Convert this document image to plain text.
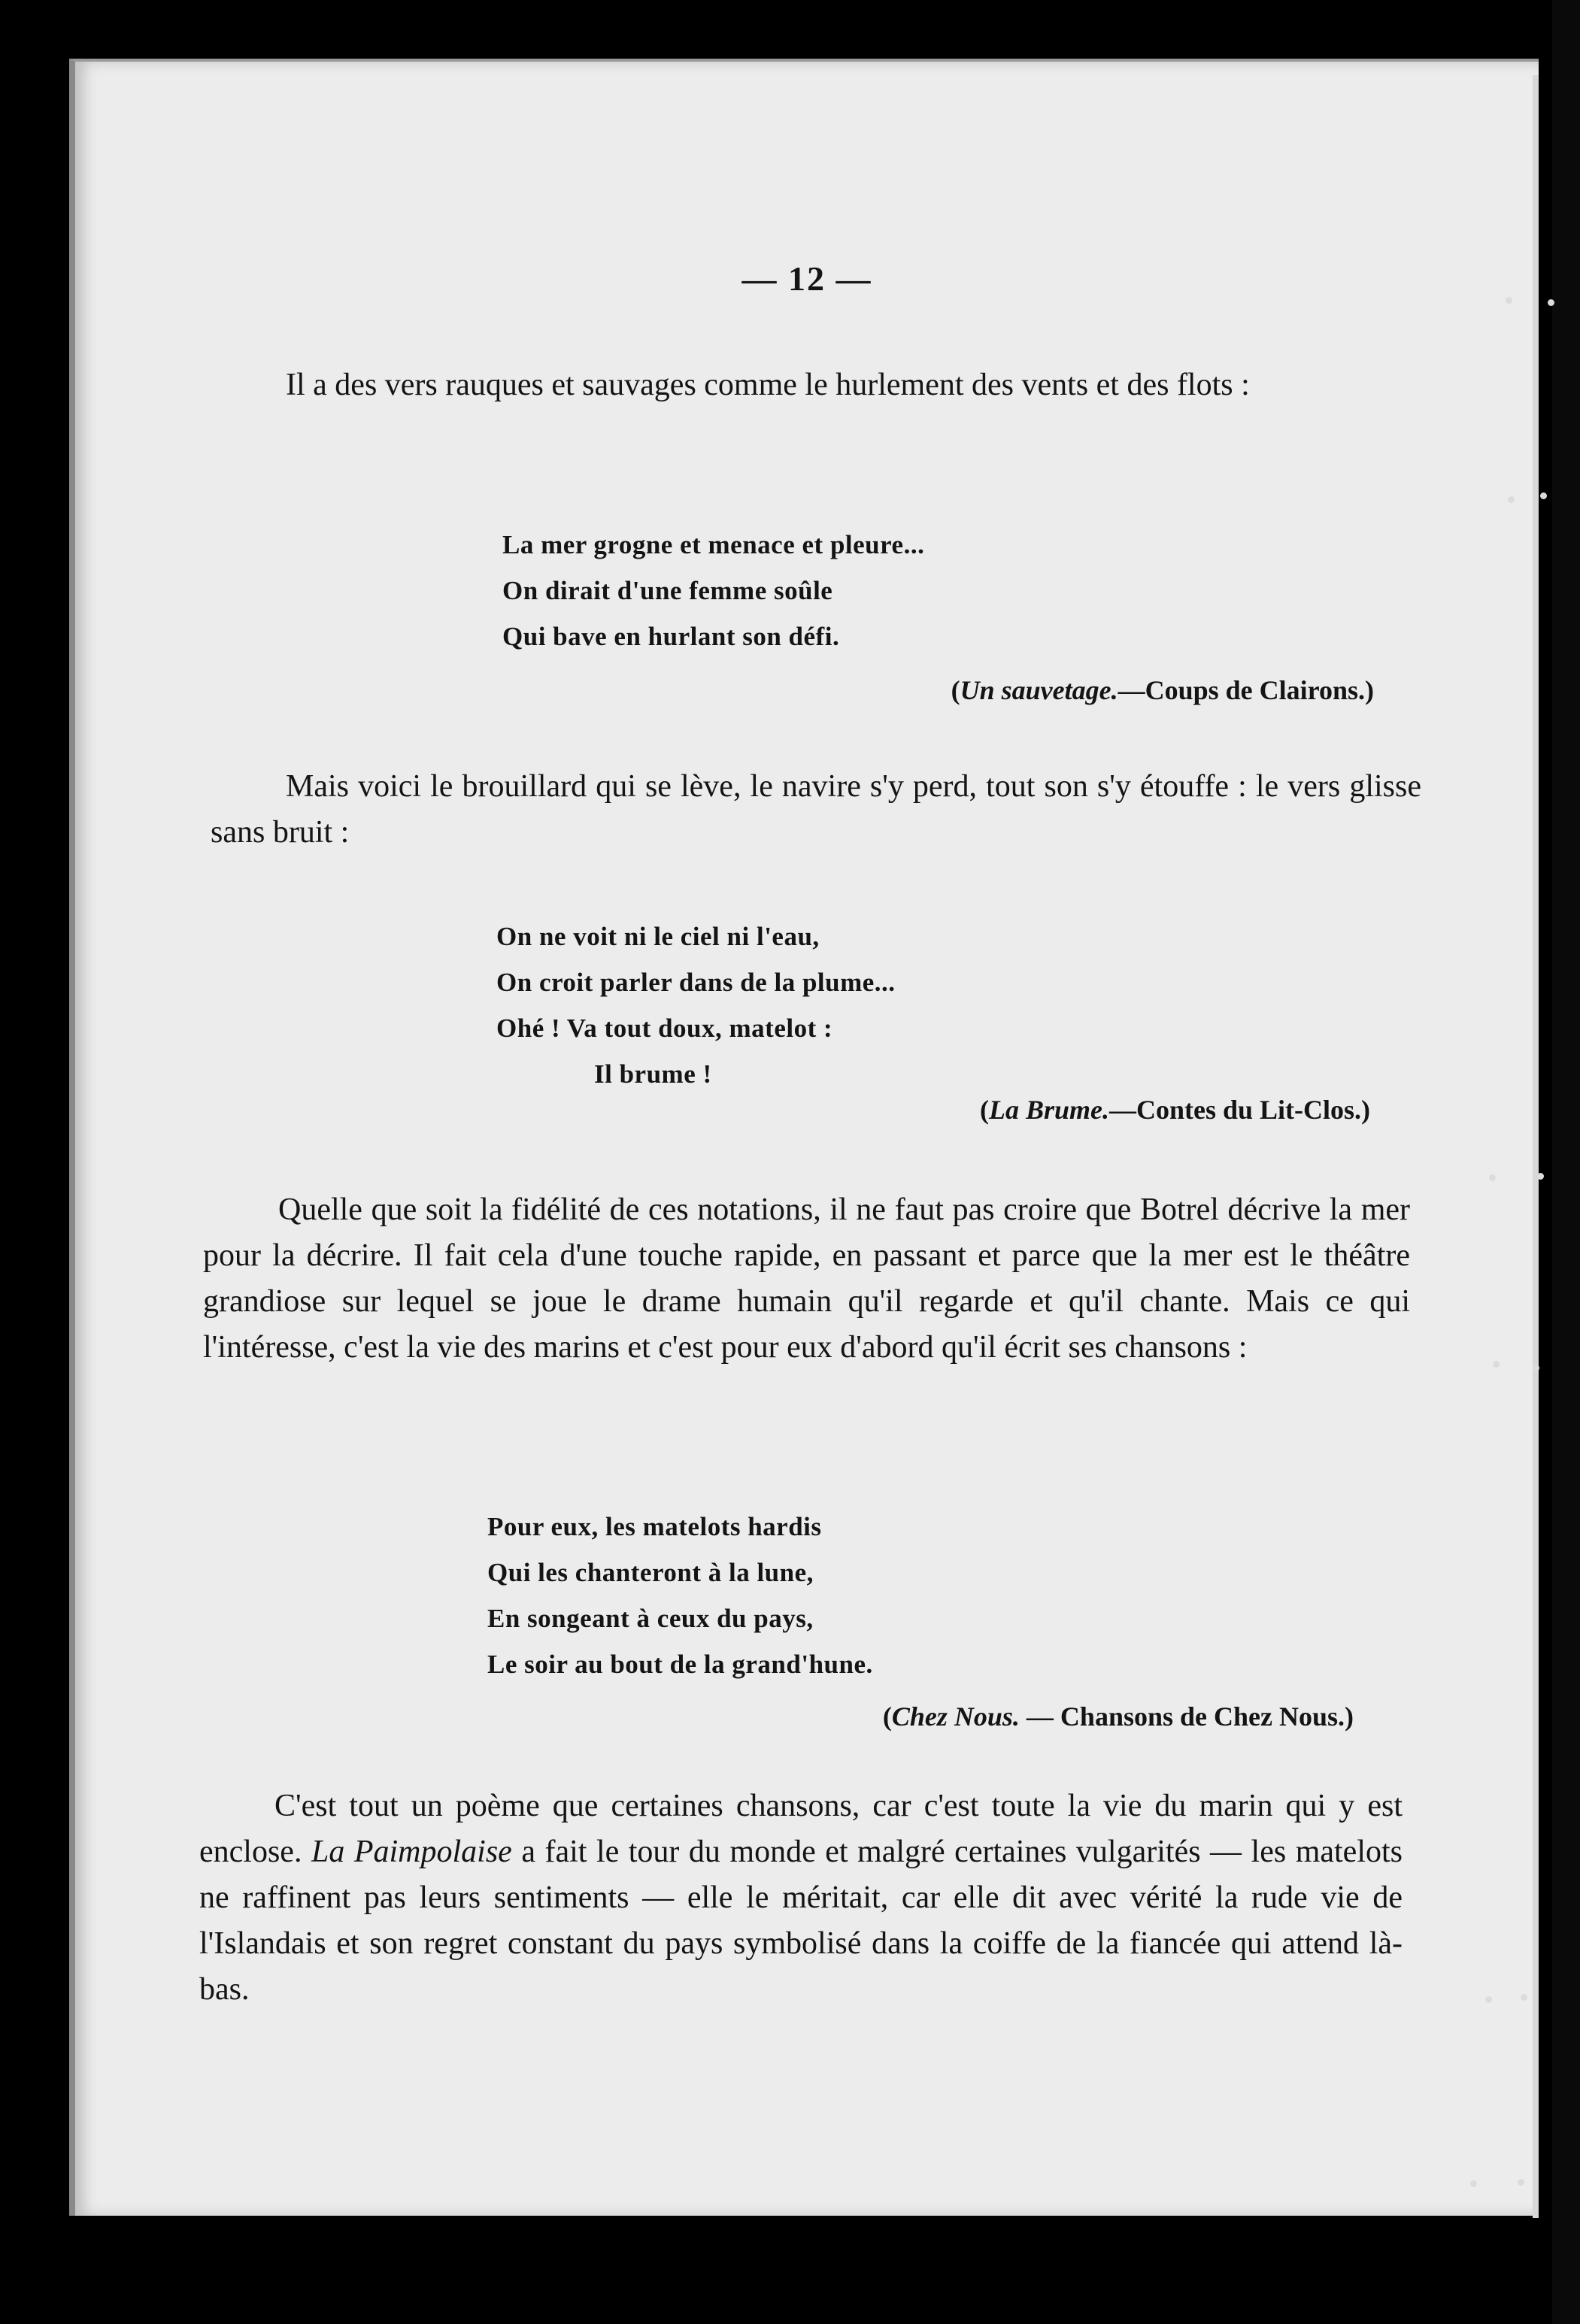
— 12 —

Il a des vers rauques et sauvages comme le hurlement des vents et des flots :

La mer grogne et menace et pleure...
On dirait d'une femme soûle
Qui bave en hurlant son défi.
(Un sauvetage.—Coups de Clairons.)

Mais voici le brouillard qui se lève, le navire s'y perd, tout son s'y étouffe : le vers glisse sans bruit :

On ne voit ni le ciel ni l'eau,
On croit parler dans de la plume...
Ohé ! Va tout doux, matelot :
Il brume !
(La Brume.—Contes du Lit-Clos.)

Quelle que soit la fidélité de ces notations, il ne faut pas croire que Botrel décrive la mer pour la décrire. Il fait cela d'une touche rapide, en passant et parce que la mer est le théâtre grandiose sur lequel se joue le drame humain qu'il regarde et qu'il chante. Mais ce qui l'intéresse, c'est la vie des marins et c'est pour eux d'abord qu'il écrit ses chansons :

Pour eux, les matelots hardis
Qui les chanteront à la lune,
En songeant à ceux du pays,
Le soir au bout de la grand'hune.
(Chez Nous. — Chansons de Chez Nous.)

C'est tout un poème que certaines chansons, car c'est toute la vie du marin qui y est enclose. La Paimpolaise a fait le tour du monde et malgré certaines vulgarités — les matelots ne raffinent pas leurs sentiments — elle le méritait, car elle dit avec vérité la rude vie de l'Islandais et son regret constant du pays symbolisé dans la coiffe de la fiancée qui attend là-bas.
